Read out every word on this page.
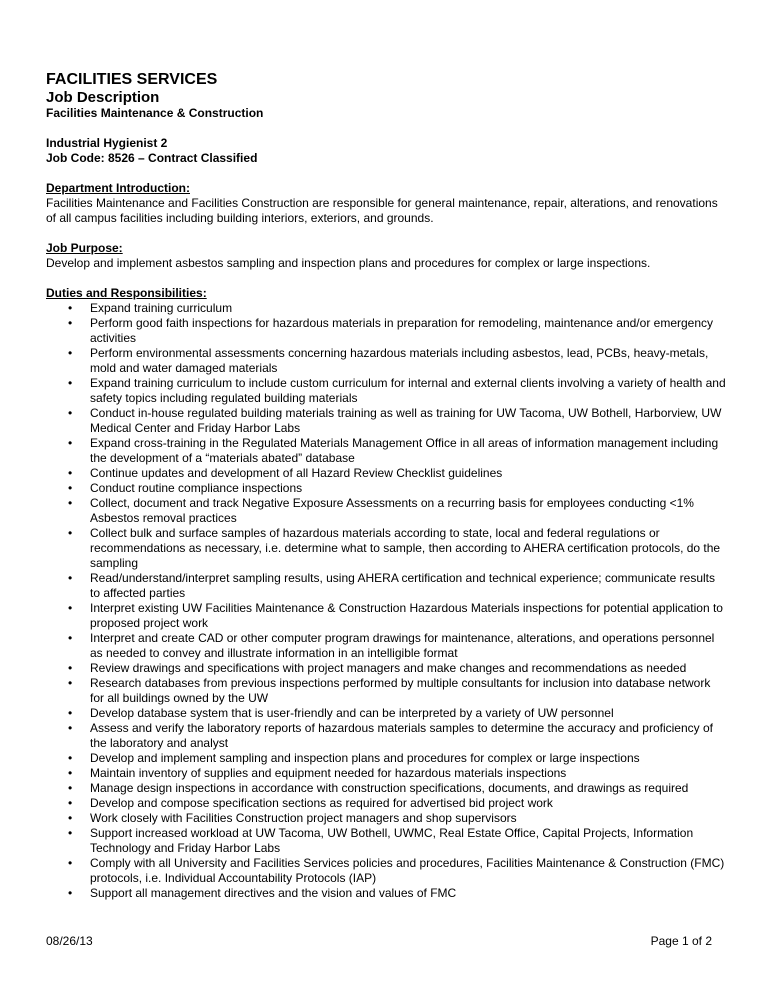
FACILITIES SERVICES

Job Description

Facilities Maintenance & Construction

Industrial Hygienist 2

Job Code: 8526 – Contract Classified

Department Introduction:

Facilities Maintenance and Facilities Construction are responsible for general maintenance, repair, alterations, and renovations of all campus facilities including building interiors, exteriors, and grounds.

Job Purpose:

Develop and implement asbestos sampling and inspection plans and procedures for complex or large inspections.

Duties and Responsibilities:

• Expand training curriculum
• Perform good faith inspections for hazardous materials in preparation for remodeling, maintenance and/or emergency activities
• Perform environmental assessments concerning hazardous materials including asbestos, lead, PCBs, heavy-metals, mold and water damaged materials
• Expand training curriculum to include custom curriculum for internal and external clients involving a variety of health and safety topics including regulated building materials
• Conduct in-house regulated building materials training as well as training for UW Tacoma, UW Bothell, Harborview, UW Medical Center and Friday Harbor Labs
• Expand cross-training in the Regulated Materials Management Office in all areas of information management including the development of a “materials abated” database
• Continue updates and development of all Hazard Review Checklist guidelines
• Conduct routine compliance inspections
• Collect, document and track Negative Exposure Assessments on a recurring basis for employees conducting <1% Asbestos removal practices
• Collect bulk and surface samples of hazardous materials according to state, local and federal regulations or recommendations as necessary, i.e. determine what to sample, then according to AHERA certification protocols, do the sampling
• Read/understand/interpret sampling results, using AHERA certification and technical experience; communicate results to affected parties
• Interpret existing UW Facilities Maintenance & Construction Hazardous Materials inspections for potential application to proposed project work
• Interpret and create CAD or other computer program drawings for maintenance, alterations, and operations personnel as needed to convey and illustrate information in an intelligible format
• Review drawings and specifications with project managers and make changes and recommendations as needed
• Research databases from previous inspections performed by multiple consultants for inclusion into database network for all buildings owned by the UW
• Develop database system that is user-friendly and can be interpreted by a variety of UW personnel
• Assess and verify the laboratory reports of hazardous materials samples to determine the accuracy and proficiency of the laboratory and analyst
• Develop and implement sampling and inspection plans and procedures for complex or large inspections
• Maintain inventory of supplies and equipment needed for hazardous materials inspections
• Manage design inspections in accordance with construction specifications, documents, and drawings as required
• Develop and compose specification sections as required for advertised bid project work
• Work closely with Facilities Construction project managers and shop supervisors
• Support increased workload at UW Tacoma, UW Bothell, UWMC, Real Estate Office, Capital Projects, Information Technology and Friday Harbor Labs
• Comply with all University and Facilities Services policies and procedures, Facilities Maintenance & Construction (FMC) protocols, i.e. Individual Accountability Protocols (IAP)
• Support all management directives and the vision and values of FMC
08/26/13	Page 1 of 2
